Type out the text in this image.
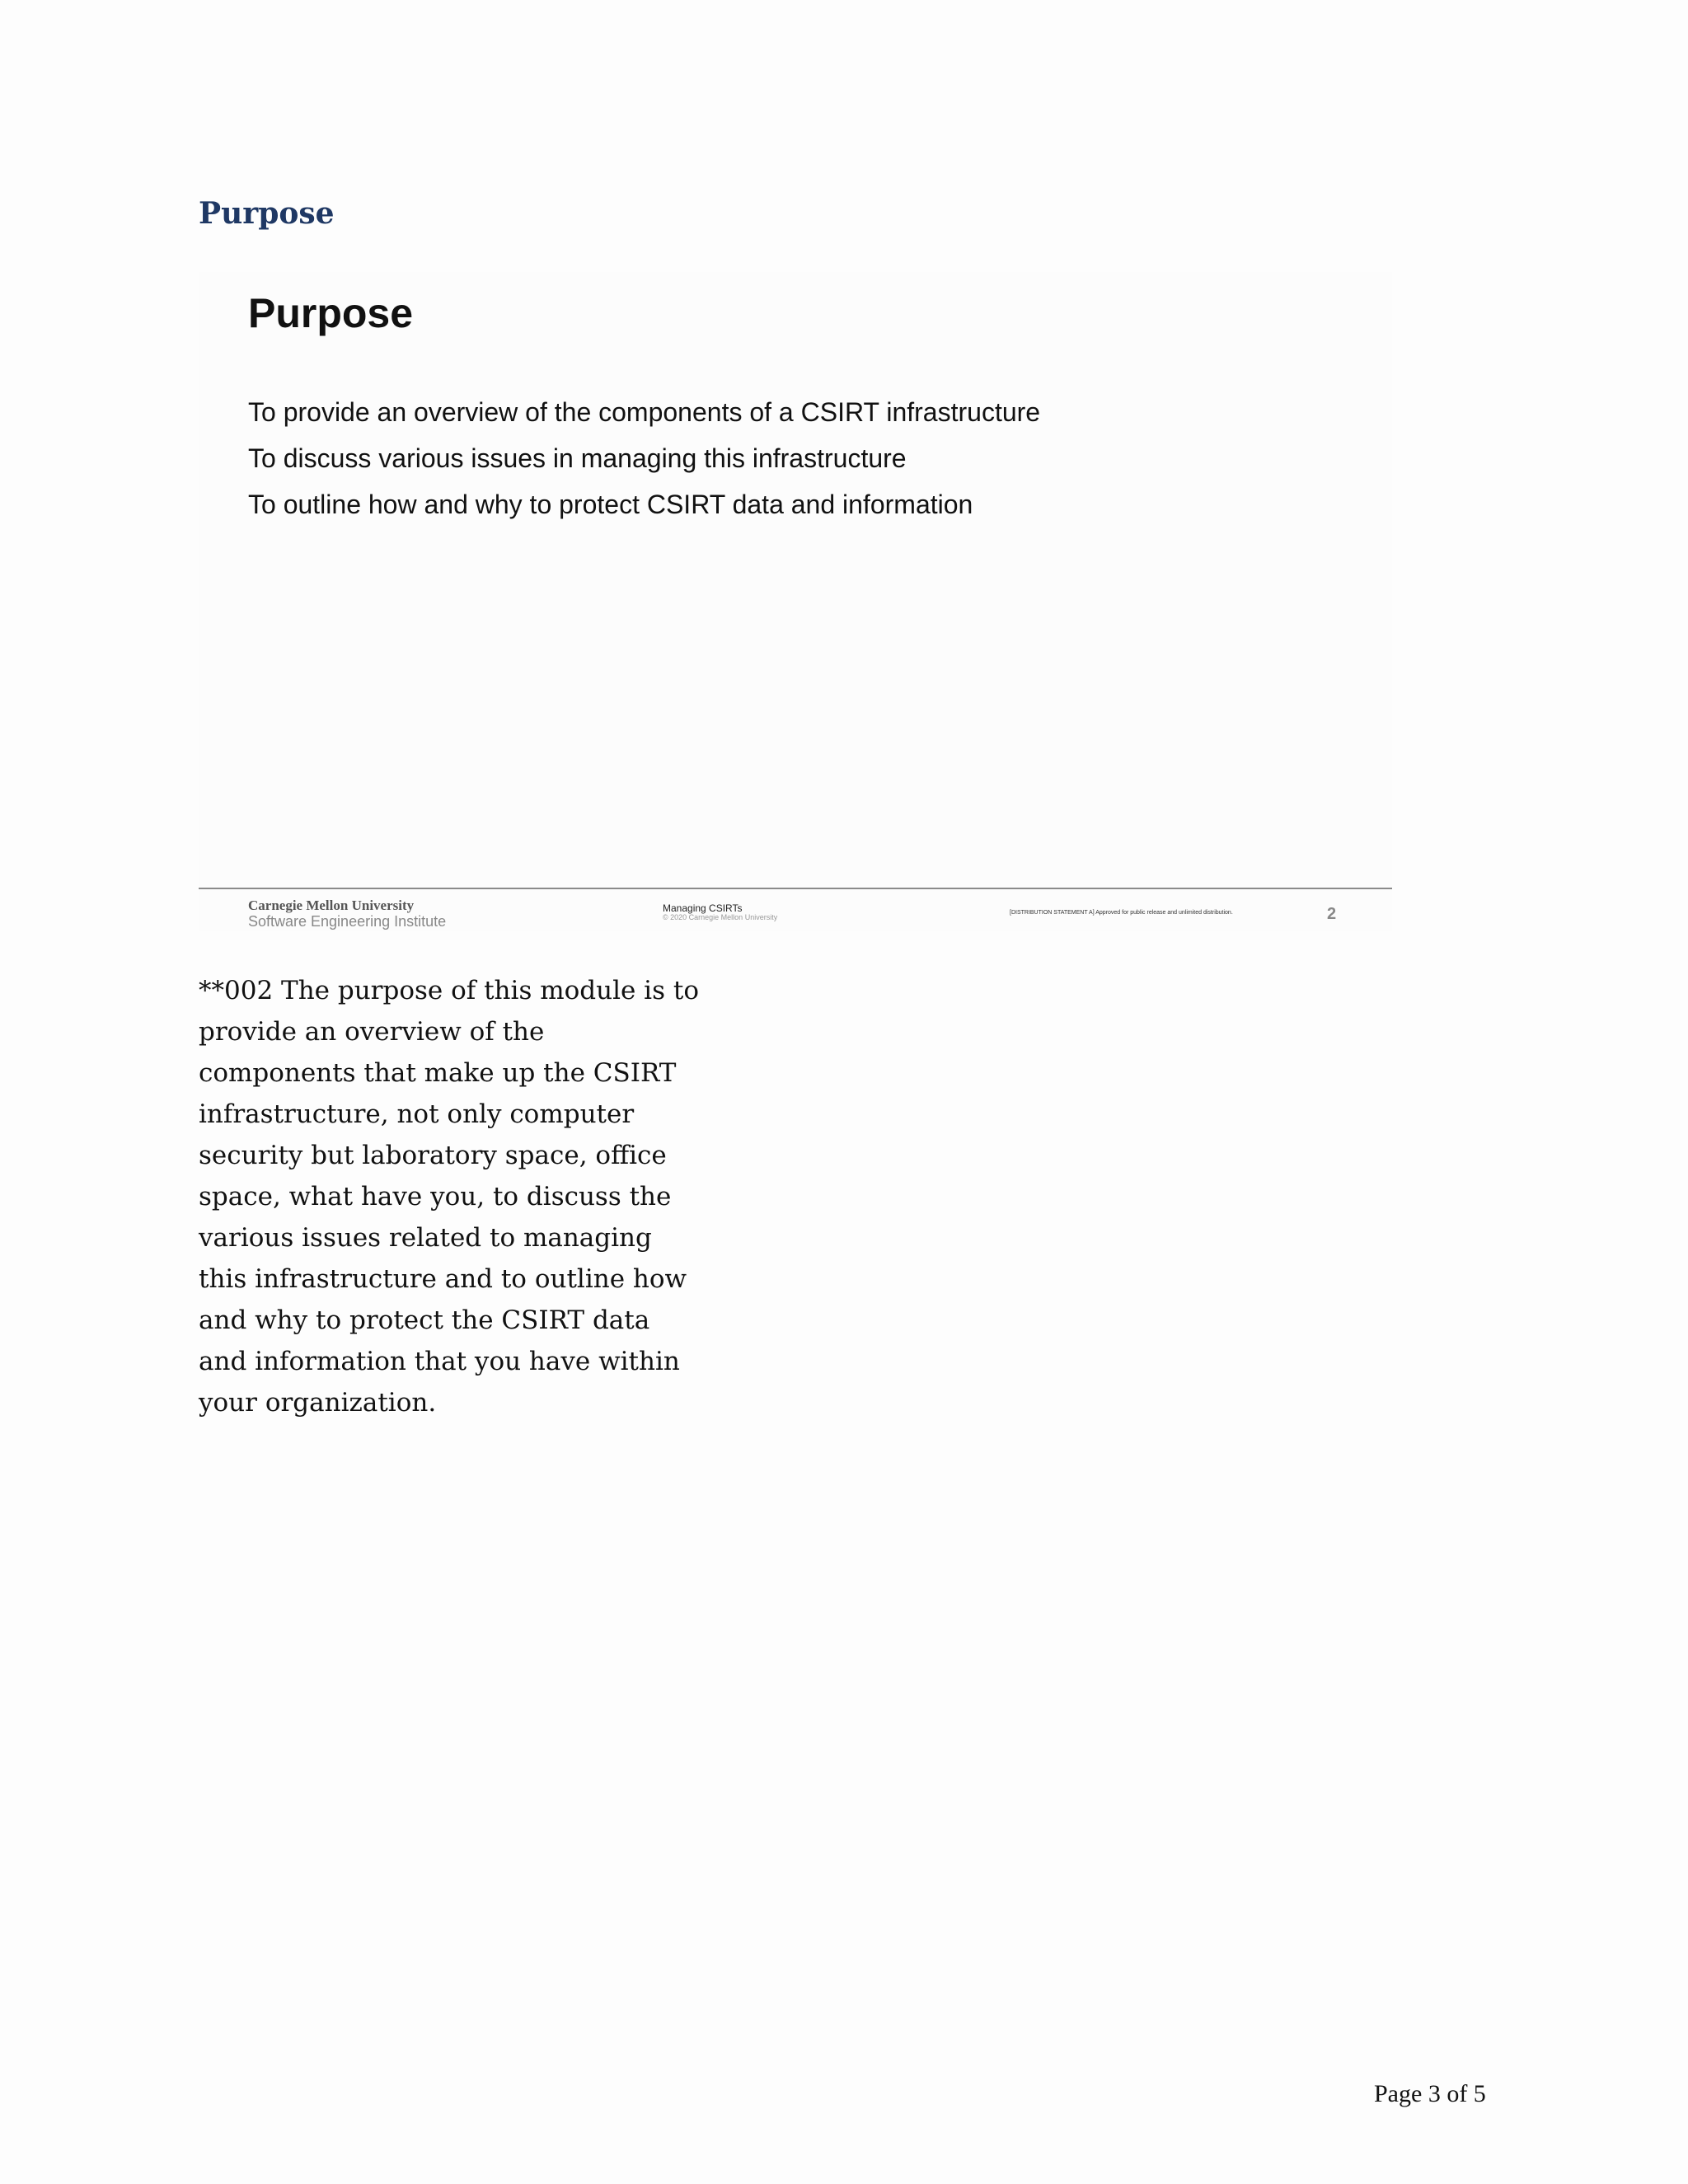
Purpose
Purpose
To provide an overview of the components of a CSIRT infrastructure
To discuss various issues in managing this infrastructure
To outline how and why to protect CSIRT data and information
Carnegie Mellon University
Software Engineering Institute
Managing CSIRTs
© 2020 Carnegie Mellon University
[DISTRIBUTION STATEMENT A] Approved for public release and unlimited distribution.	2

**002 The purpose of this module is to provide an overview of the components that make up the CSIRT infrastructure, not only computer security but laboratory space, office space, what have you, to discuss the various issues related to managing this infrastructure and to outline how and why to protect the CSIRT data and information that you have within your organization.

Page 3 of 5
